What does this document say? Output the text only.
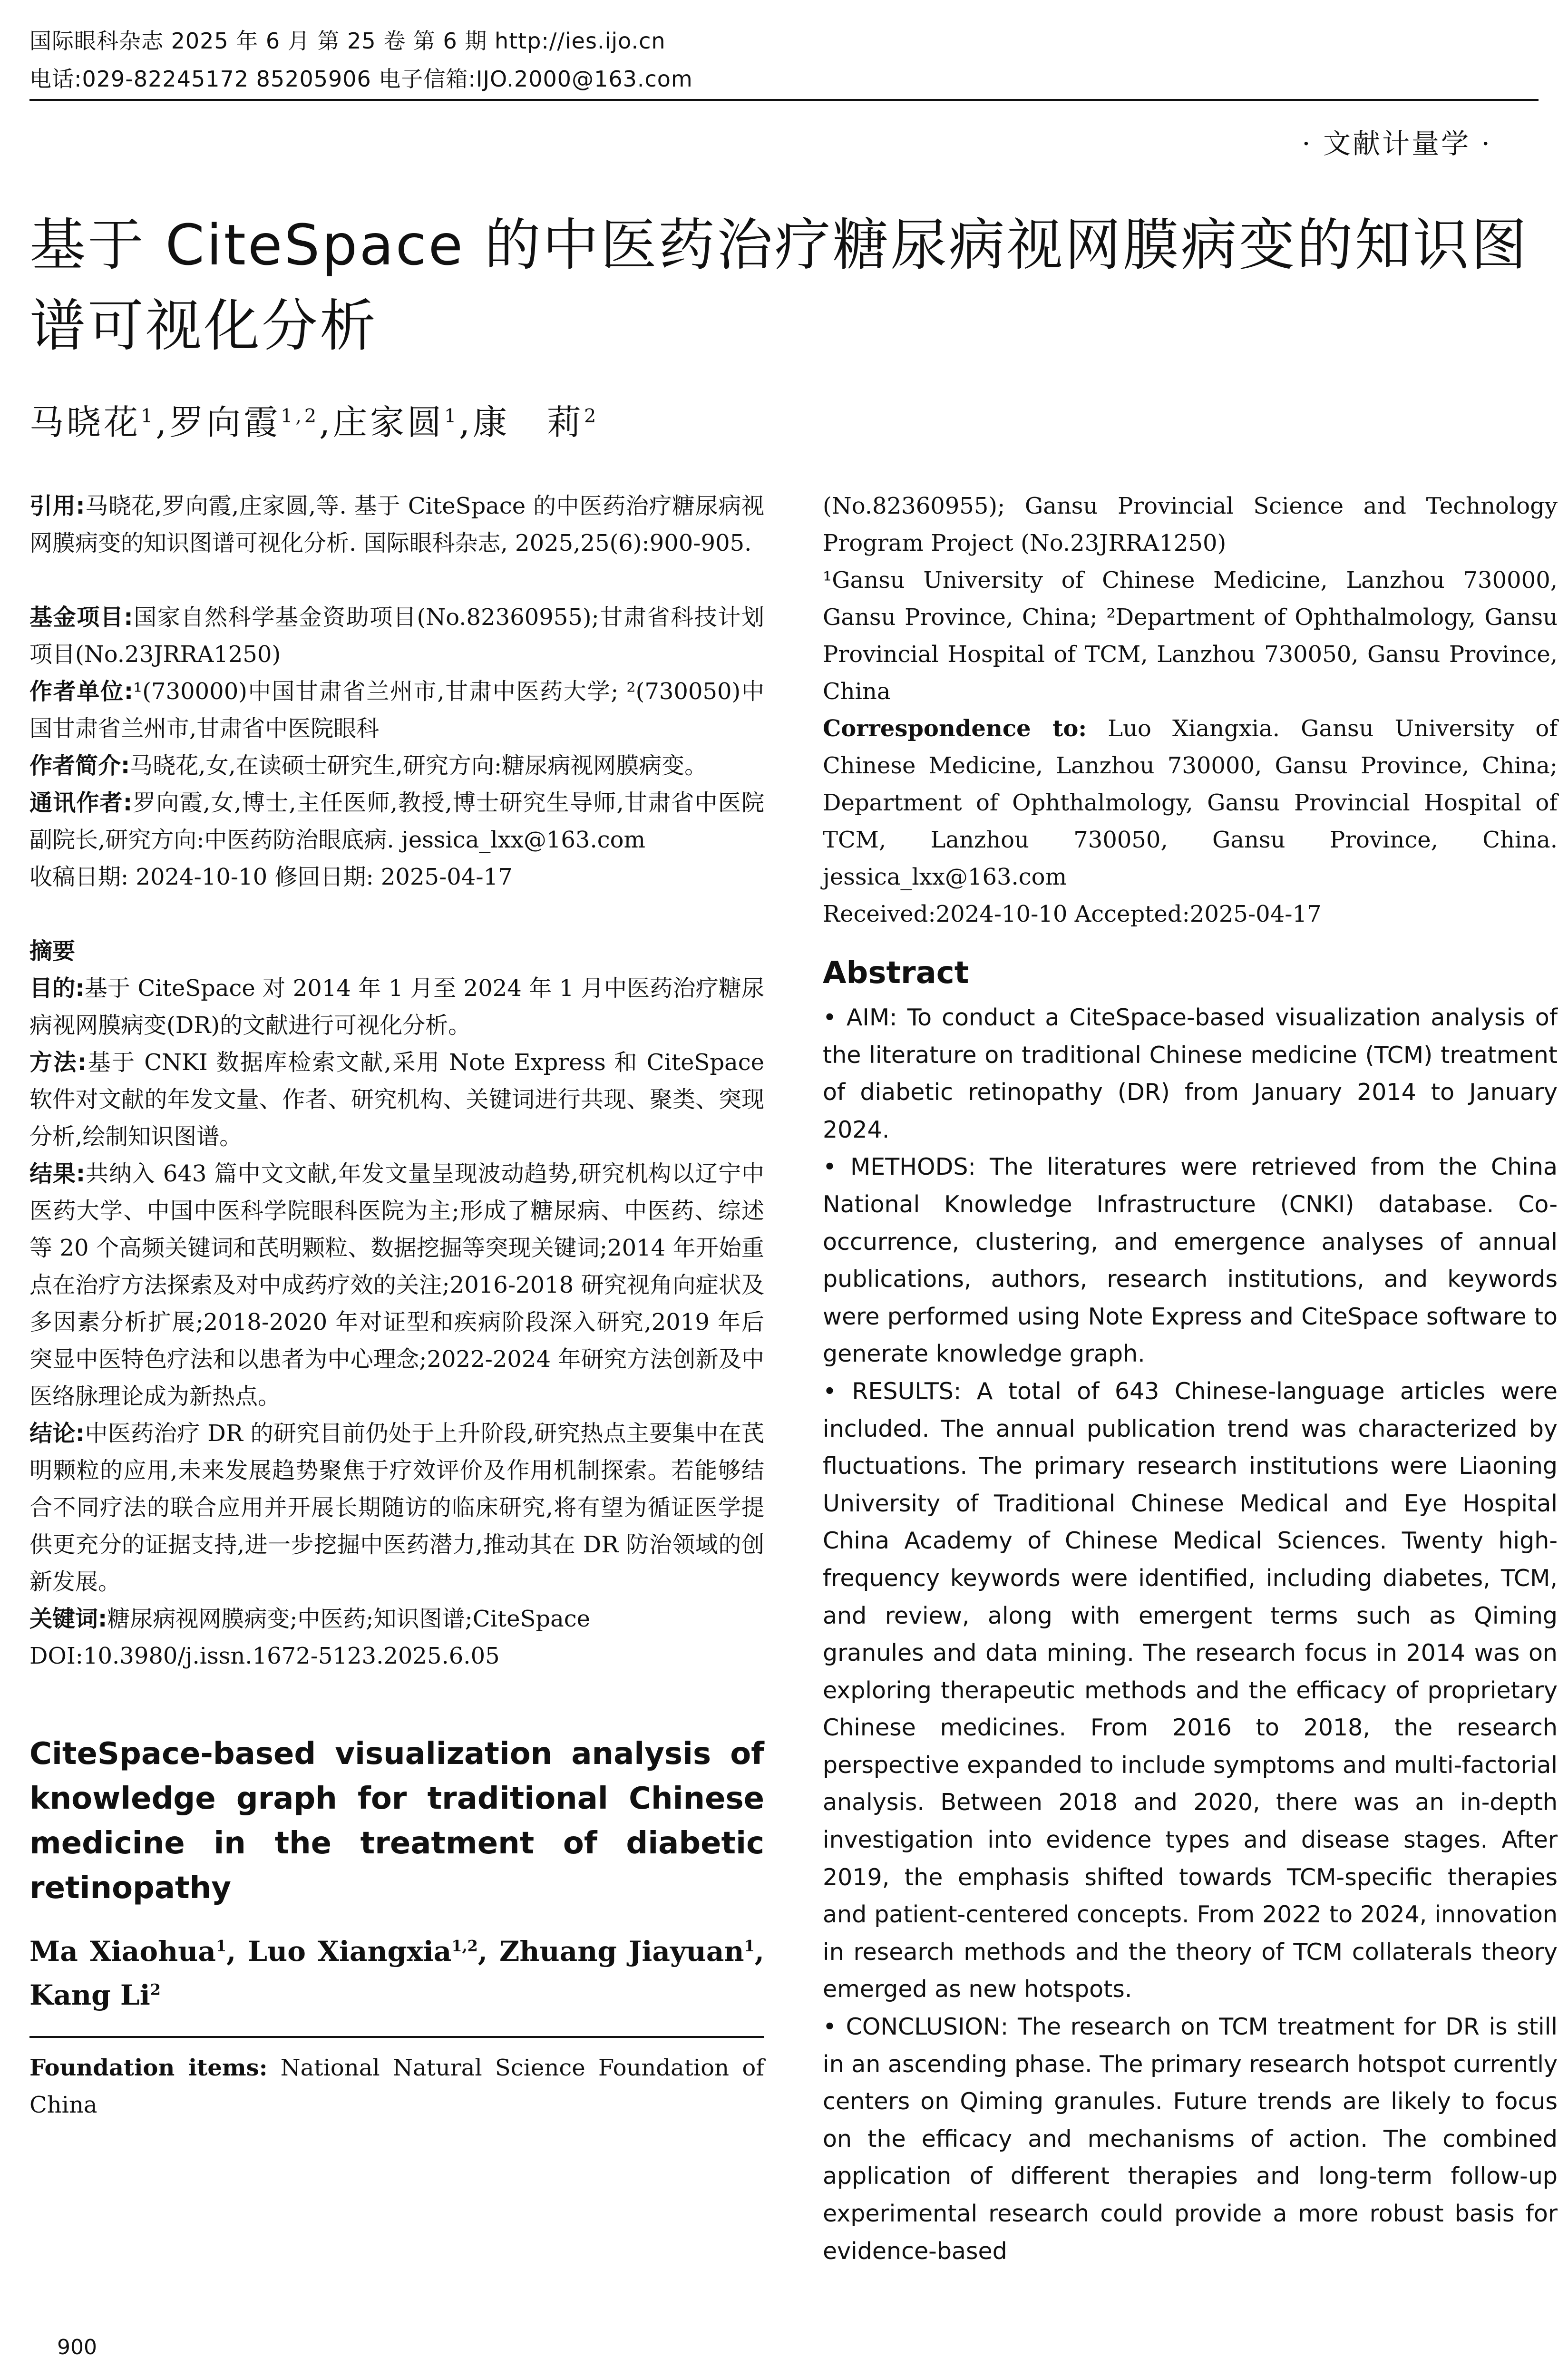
国际眼科杂志 2025 年 6 月 第 25 卷 第 6 期 http://ies.ijo.cn
电话:029-82245172 85205906 电子信箱:IJO.2000@163.com
· 文献计量学 ·
基于 CiteSpace 的中医药治疗糖尿病视网膜病变的知识图谱可视化分析
马晓花$^1$,罗向霞$^{1,2}$,庄家圆$^1$,康　莉$^2$

引用:马晓花,罗向霞,庄家圆,等. 基于 CiteSpace 的中医药治疗糖尿病视网膜病变的知识图谱可视化分析. 国际眼科杂志, 2025,25(6):900-905.

基金项目:国家自然科学基金资助项目(No.82360955);甘肃省科技计划项目(No.23JRRA1250)

作者单位:¹(730000)中国甘肃省兰州市,甘肃中医药大学; ²(730050)中国甘肃省兰州市,甘肃省中医院眼科

作者简介:马晓花,女,在读硕士研究生,研究方向:糖尿病视网膜病变。

通讯作者:罗向霞,女,博士,主任医师,教授,博士研究生导师,甘肃省中医院副院长,研究方向:中医药防治眼底病. jessica_lxx@163.com

收稿日期: 2024-10-10 修回日期: 2025-04-17

摘要

目的:基于 CiteSpace 对 2014 年 1 月至 2024 年 1 月中医药治疗糖尿病视网膜病变(DR)的文献进行可视化分析。

方法:基于 CNKI 数据库检索文献,采用 Note Express 和 CiteSpace 软件对文献的年发文量、作者、研究机构、关键词进行共现、聚类、突现分析,绘制知识图谱。

结果:共纳入 643 篇中文文献,年发文量呈现波动趋势,研究机构以辽宁中医药大学、中国中医科学院眼科医院为主;形成了糖尿病、中医药、综述等 20 个高频关键词和芪明颗粒、数据挖掘等突现关键词;2014 年开始重点在治疗方法探索及对中成药疗效的关注;2016-2018 研究视角向症状及多因素分析扩展;2018-2020 年对证型和疾病阶段深入研究,2019 年后突显中医特色疗法和以患者为中心理念;2022-2024 年研究方法创新及中医络脉理论成为新热点。

结论:中医药治疗 DR 的研究目前仍处于上升阶段,研究热点主要集中在芪明颗粒的应用,未来发展趋势聚焦于疗效评价及作用机制探索。若能够结合不同疗法的联合应用并开展长期随访的临床研究,将有望为循证医学提供更充分的证据支持,进一步挖掘中医药潜力,推动其在 DR 防治领域的创新发展。

关键词:糖尿病视网膜病变;中医药;知识图谱;CiteSpace

DOI:10.3980/j.issn.1672-5123.2025.6.05

CiteSpace-based visualization analysis of knowledge graph for traditional Chinese medicine in the treatment of diabetic retinopathy
Ma Xiaohua$^1$, Luo Xiangxia$^{1,2}$, Zhuang Jiayuan$^1$, Kang Li$^2$

Foundation items: National Natural Science Foundation of China

(No.82360955); Gansu Provincial Science and Technology Program Project (No.23JRRA1250)

¹Gansu University of Chinese Medicine, Lanzhou 730000, Gansu Province, China; ²Department of Ophthalmology, Gansu Provincial Hospital of TCM, Lanzhou 730050, Gansu Province, China

Correspondence to: Luo Xiangxia. Gansu University of Chinese Medicine, Lanzhou 730000, Gansu Province, China; Department of Ophthalmology, Gansu Provincial Hospital of TCM, Lanzhou 730050, Gansu Province, China. jessica_lxx@163.com

Received:2024-10-10 Accepted:2025-04-17

Abstract

• AIM: To conduct a CiteSpace-based visualization analysis of the literature on traditional Chinese medicine (TCM) treatment of diabetic retinopathy (DR) from January 2014 to January 2024.

• METHODS: The literatures were retrieved from the China National Knowledge Infrastructure (CNKI) database. Co-occurrence, clustering, and emergence analyses of annual publications, authors, research institutions, and keywords were performed using Note Express and CiteSpace software to generate knowledge graph.

• RESULTS: A total of 643 Chinese-language articles were included. The annual publication trend was characterized by fluctuations. The primary research institutions were Liaoning University of Traditional Chinese Medical and Eye Hospital China Academy of Chinese Medical Sciences. Twenty high-frequency keywords were identified, including diabetes, TCM, and review, along with emergent terms such as Qiming granules and data mining. The research focus in 2014 was on exploring therapeutic methods and the efficacy of proprietary Chinese medicines. From 2016 to 2018, the research perspective expanded to include symptoms and multi-factorial analysis. Between 2018 and 2020, there was an in-depth investigation into evidence types and disease stages. After 2019, the emphasis shifted towards TCM-specific therapies and patient-centered concepts. From 2022 to 2024, innovation in research methods and the theory of TCM collaterals theory emerged as new hotspots.

• CONCLUSION: The research on TCM treatment for DR is still in an ascending phase. The primary research hotspot currently centers on Qiming granules. Future trends are likely to focus on the efficacy and mechanisms of action. The combined application of different therapies and long-term follow-up experimental research could provide a more robust basis for evidence-based

900
